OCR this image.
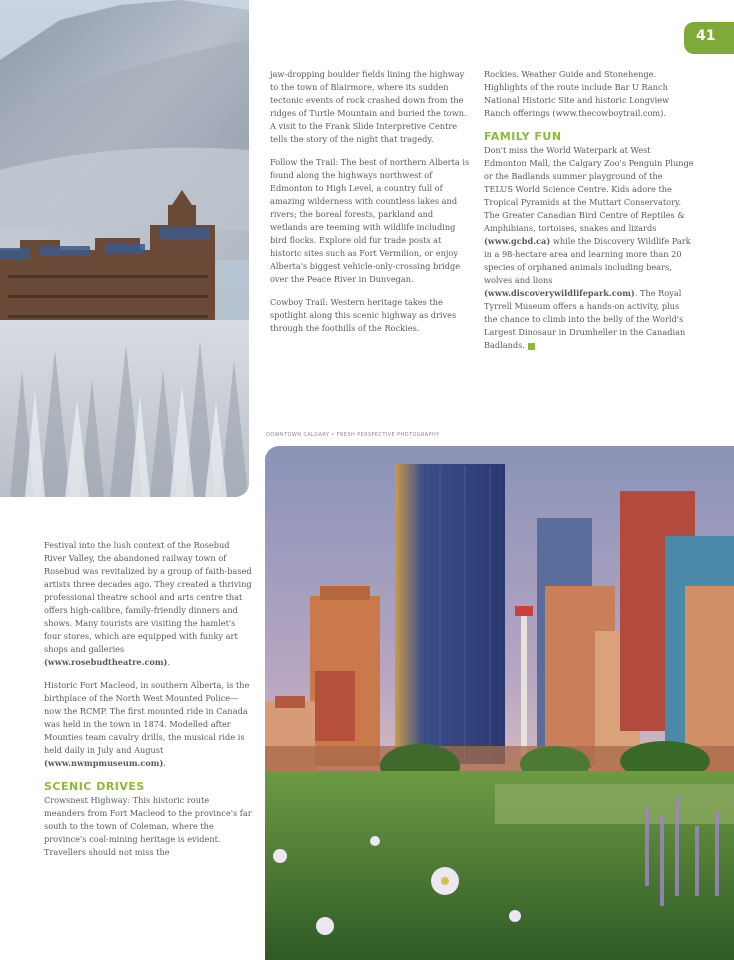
41

jaw-dropping boulder fields lining the highway to the town of Blairmore, where its sudden tectonic events of rock crashed down from the ridges of Turtle Mountain and buried the town. A visit to the Frank Slide Interpretive Centre tells the story of the night that tragedy.

Follow the Trail: The best of northern Alberta is found along the highways northwest of Edmonton to High Level, a country full of amazing wilderness with countless lakes and rivers; the boreal forests, parkland and wetlands are teeming with wildlife including bird flocks. Explore old fur trade posts at historic sites such as Fort Vermilion, or enjoy Alberta's biggest vehicle-only-crossing bridge over the Peace River in Dunvegan.

Cowboy Trail: Western heritage takes the spotlight along this scenic highway as drives through the foothills of the Rockies.

Rockies. Weather Guide and Stonehenge. Highlights of the route include Bar U Ranch National Historic Site and historic Longview Ranch offerings (www.thecowboytrail.com).

FAMILY FUN

Don't miss the World Waterpark at West Edmonton Mall, the Calgary Zoo's Penguin Plunge or the Badlands summer playground of the TELUS World Science Centre. Kids adore the Tropical Pyramids at the Muttart Conservatory. The Greater Canadian Bird Centre of Reptiles & Amphibians, tortoises, snakes and lizards (www.gcbd.ca) while the Discovery Wildlife Park in a 98-hectare area and learning more than 20 species of orphaned animals including bears, wolves and lions (www.discoverywildlifepark.com). The Royal Tyrrell Museum offers a hands-on activity, plus the chance to climb into the belly of the World's Largest Dinosaur in Drumheller in the Canadian Badlands.

DOWNTOWN CALGARY • FRESH PERSPECTIVE PHOTOGRAPHY

Festival into the lush context of the Rosebud River Valley, the abandoned railway town of Rosebud was revitalized by a group of faith-based artists three decades ago. They created a thriving professional theatre school and arts centre that offers high-calibre, family-friendly dinners and shows. Many tourists are visiting the hamlet's four stores, which are equipped with funky art shops and galleries (www.rosebudtheatre.com).

Historic Fort Macleod, in southern Alberta, is the birthplace of the North West Mounted Police—now the RCMP. The first mounted ride in Canada was held in the town in 1874. Modelled after Mounties team cavalry drills, the musical ride is held daily in July and August (www.nwmpmuseum.com).

SCENIC DRIVES

Crowsnest Highway: This historic route meanders from Fort Macleod to the province's far south to the town of Coleman, where the province's coal-mining heritage is evident. Travellers should not miss the
